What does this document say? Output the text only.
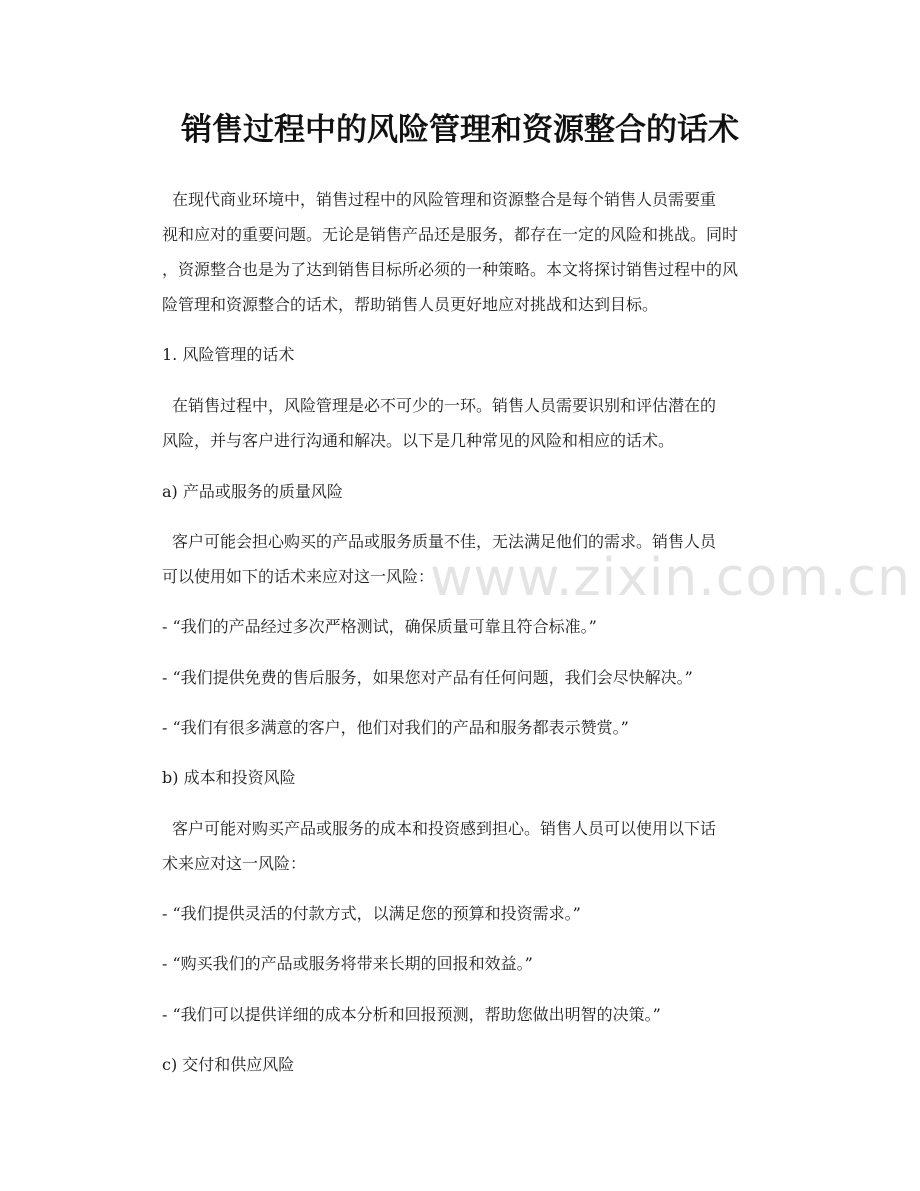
销售过程中的风险管理和资源整合的话术

在现代商业环境中，销售过程中的风险管理和资源整合是每个销售人员需要重

视和应对的重要问题。无论是销售产品还是服务，都存在一定的风险和挑战。同时

，资源整合也是为了达到销售目标所必须的一种策略。本文将探讨销售过程中的风

险管理和资源整合的话术，帮助销售人员更好地应对挑战和达到目标。

1. 风险管理的话术

在销售过程中，风险管理是必不可少的一环。销售人员需要识别和评估潜在的

风险，并与客户进行沟通和解决。以下是几种常见的风险和相应的话术。

a) 产品或服务的质量风险

客户可能会担心购买的产品或服务质量不佳，无法满足他们的需求。销售人员

可以使用如下的话术来应对这一风险：

- “我们的产品经过多次严格测试，确保质量可靠且符合标准。”

- “我们提供免费的售后服务，如果您对产品有任何问题，我们会尽快解决。”

- “我们有很多满意的客户，他们对我们的产品和服务都表示赞赏。”

b) 成本和投资风险

客户可能对购买产品或服务的成本和投资感到担心。销售人员可以使用以下话

术来应对这一风险：

- “我们提供灵活的付款方式，以满足您的预算和投资需求。”

- “购买我们的产品或服务将带来长期的回报和效益。”

- “我们可以提供详细的成本分析和回报预测，帮助您做出明智的决策。”

c) 交付和供应风险

www.zixin.com.cn
